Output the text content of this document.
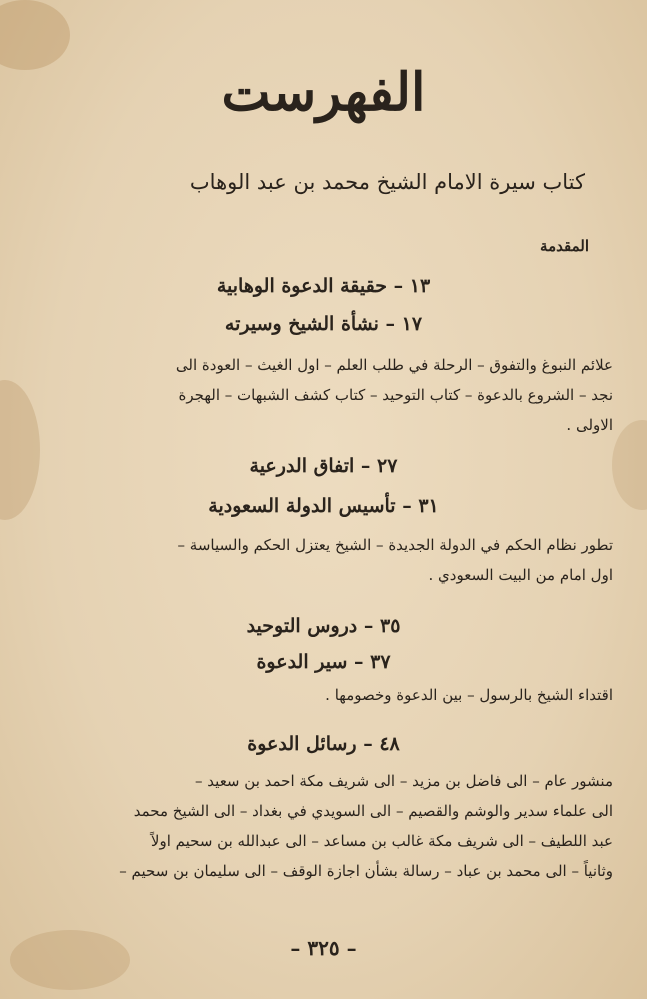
الفهرست
كتاب سيرة الامام الشيخ محمد بن عبد الوهاب
المقدمة
١٣ – حقيقة الدعوة الوهابية
١٧ – نشأة الشيخ وسيرته
علائم النبوغ والتفوق – الرحلة في طلب العلم – اول الغيث – العودة الى
نجد – الشروع بالدعوة – كتاب التوحيد – كتاب كشف الشبهات – الهجرة
الاولى .
٢٧ – اتفاق الدرعية
٣١ – تأسيس الدولة السعودية
تطور نظام الحكم في الدولة الجديدة – الشيخ يعتزل الحكم والسياسة –
اول امام من البيت السعودي .
٣٥ – دروس التوحيد
٣٧ – سير الدعوة
اقتداء الشيخ بالرسول – بين الدعوة وخصومها .
٤٨ – رسائل الدعوة
منشور عام – الى فاضل بن مزيد – الى شريف مكة احمد بن سعيد –
الى علماء سدير والوشم والقصيم – الى السويدي في بغداد – الى الشيخ محمد
عبد اللطيف – الى شريف مكة غالب بن مساعد – الى عبدالله بن سحيم اولاً
وثانياً – الى محمد بن عباد – رسالة بشأن اجازة الوقف – الى سليمان بن سحيم –
– ٣٢٥ –
